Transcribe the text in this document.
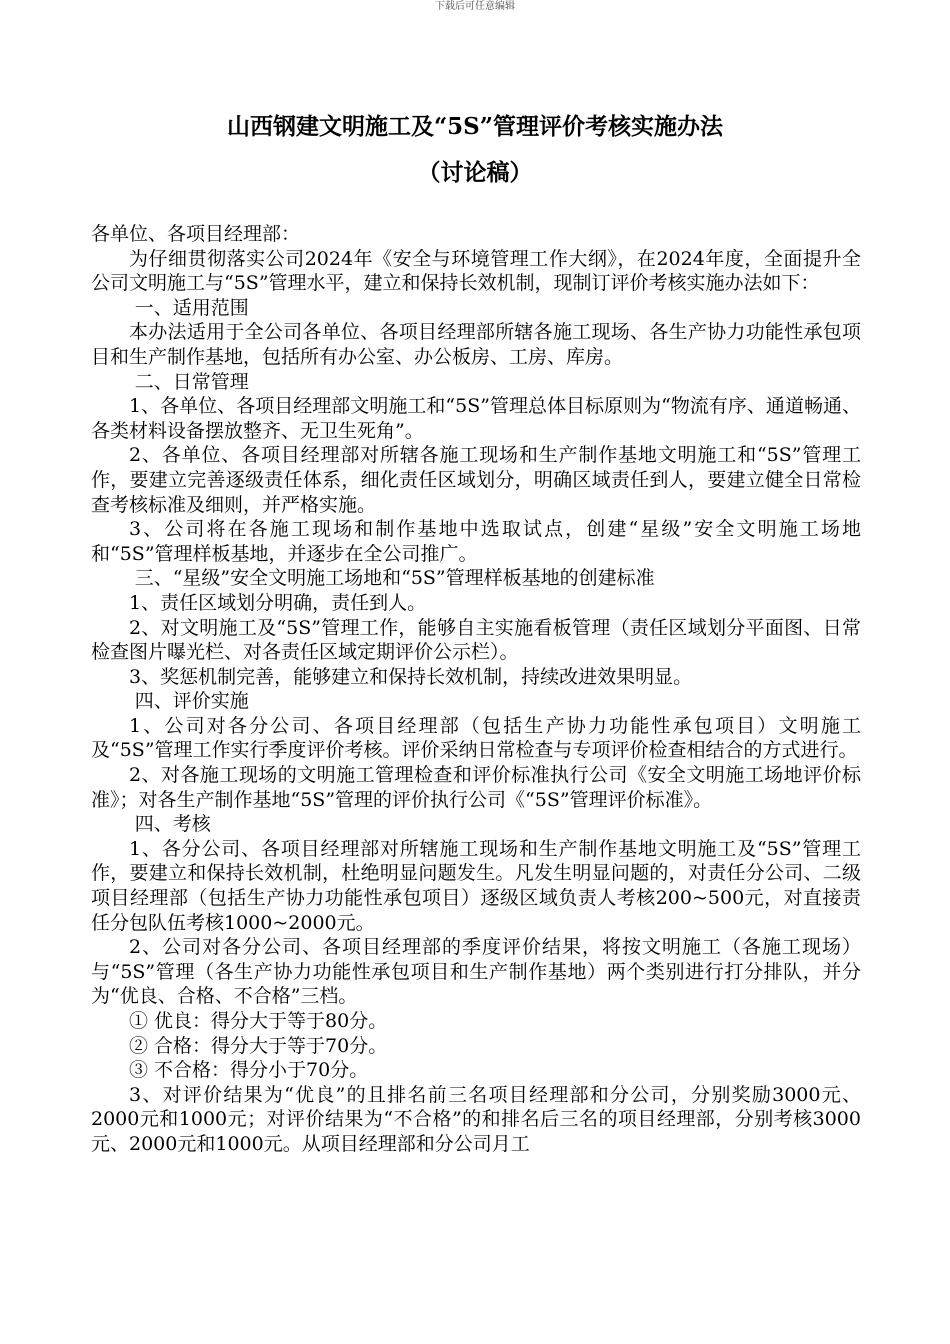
下载后可任意编辑
山西钢建文明施工及“5S”管理评价考核实施办法
（讨论稿）

各单位、各项目经理部：

为仔细贯彻落实公司2024年《安全与环境管理工作大纲》，在2024年度，全面提升全公司文明施工与“5S”管理水平，建立和保持长效机制，现制订评价考核实施办法如下：

一、适用范围

本办法适用于全公司各单位、各项目经理部所辖各施工现场、各生产协力功能性承包项目和生产制作基地，包括所有办公室、办公板房、工房、库房。

二、日常管理

1、各单位、各项目经理部文明施工和“5S”管理总体目标原则为“物流有序、通道畅通、各类材料设备摆放整齐、无卫生死角”。

2、各单位、各项目经理部对所辖各施工现场和生产制作基地文明施工和“5S”管理工作，要建立完善逐级责任体系，细化责任区域划分，明确区域责任到人，要建立健全日常检查考核标准及细则，并严格实施。

3、公司将在各施工现场和制作基地中选取试点，创建“星级”安全文明施工场地和“5S”管理样板基地，并逐步在全公司推广。

三、“星级”安全文明施工场地和“5S”管理样板基地的创建标准

1、责任区域划分明确，责任到人。

2、对文明施工及“5S”管理工作，能够自主实施看板管理（责任区域划分平面图、日常检查图片曝光栏、对各责任区域定期评价公示栏）。

3、奖惩机制完善，能够建立和保持长效机制，持续改进效果明显。

四、评价实施

1、公司对各分公司、各项目经理部（包括生产协力功能性承包项目）文明施工及“5S”管理工作实行季度评价考核。评价采纳日常检查与专项评价检查相结合的方式进行。

2、对各施工现场的文明施工管理检查和评价标准执行公司《安全文明施工场地评价标准》；对各生产制作基地“5S”管理的评价执行公司《“5S”管理评价标准》。

四、考核

1、各分公司、各项目经理部对所辖施工现场和生产制作基地文明施工及“5S”管理工作，要建立和保持长效机制，杜绝明显问题发生。凡发生明显问题的，对责任分公司、二级项目经理部（包括生产协力功能性承包项目）逐级区域负责人考核200~500元，对直接责任分包队伍考核1000~2000元。

2、公司对各分公司、各项目经理部的季度评价结果，将按文明施工（各施工现场）与“5S”管理（各生产协力功能性承包项目和生产制作基地）两个类别进行打分排队，并分为“优良、合格、不合格”三档。

① 优良：得分大于等于80分。

② 合格：得分大于等于70分。

③ 不合格：得分小于70分。

3、对评价结果为“优良”的且排名前三名项目经理部和分公司，分别奖励3000元、2000元和1000元；对评价结果为“不合格”的和排名后三名的项目经理部，分别考核3000元、2000元和1000元。从项目经理部和分公司月工
